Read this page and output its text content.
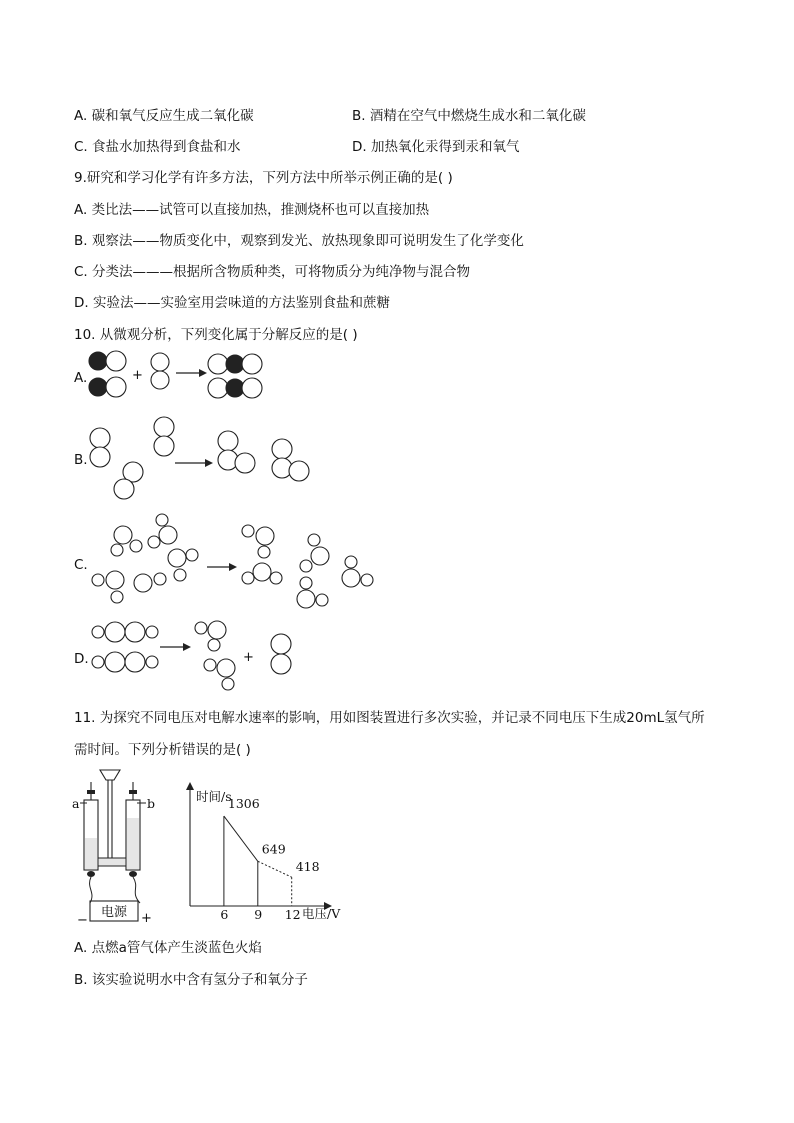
A. 碳和氧气反应生成二氧化碳	B. 酒精在空气中燃烧生成水和二氧化碳
C. 食盐水加热得到食盐和水	D. 加热氧化汞得到汞和氧气
9.研究和学习化学有许多方法，下列方法中所举示例正确的是( )
A. 类比法——试管可以直接加热，推测烧杯也可以直接加热
B. 观察法——物质变化中，观察到发光、放热现象即可说明发生了化学变化
C. 分类法———根据所含物质种类，可将物质分为纯净物与混合物
D. 实验法——实验室用尝味道的方法鉴别食盐和蔗糖
10. 从微观分析，下列变化属于分解反应的是( )
A.	+
B.
C.
D.	+
11. 为探究不同电压对电解水速率的影响，用如图装置进行多次实验，并记录不同电压下生成20mL氢气所
需时间。下列分析错误的是( )
电源
−	+
a	b	时间/s
电压/V
1306
649
418
6 9 12
A. 点燃a管气体产生淡蓝色火焰
B. 该实验说明水中含有氢分子和氧分子
